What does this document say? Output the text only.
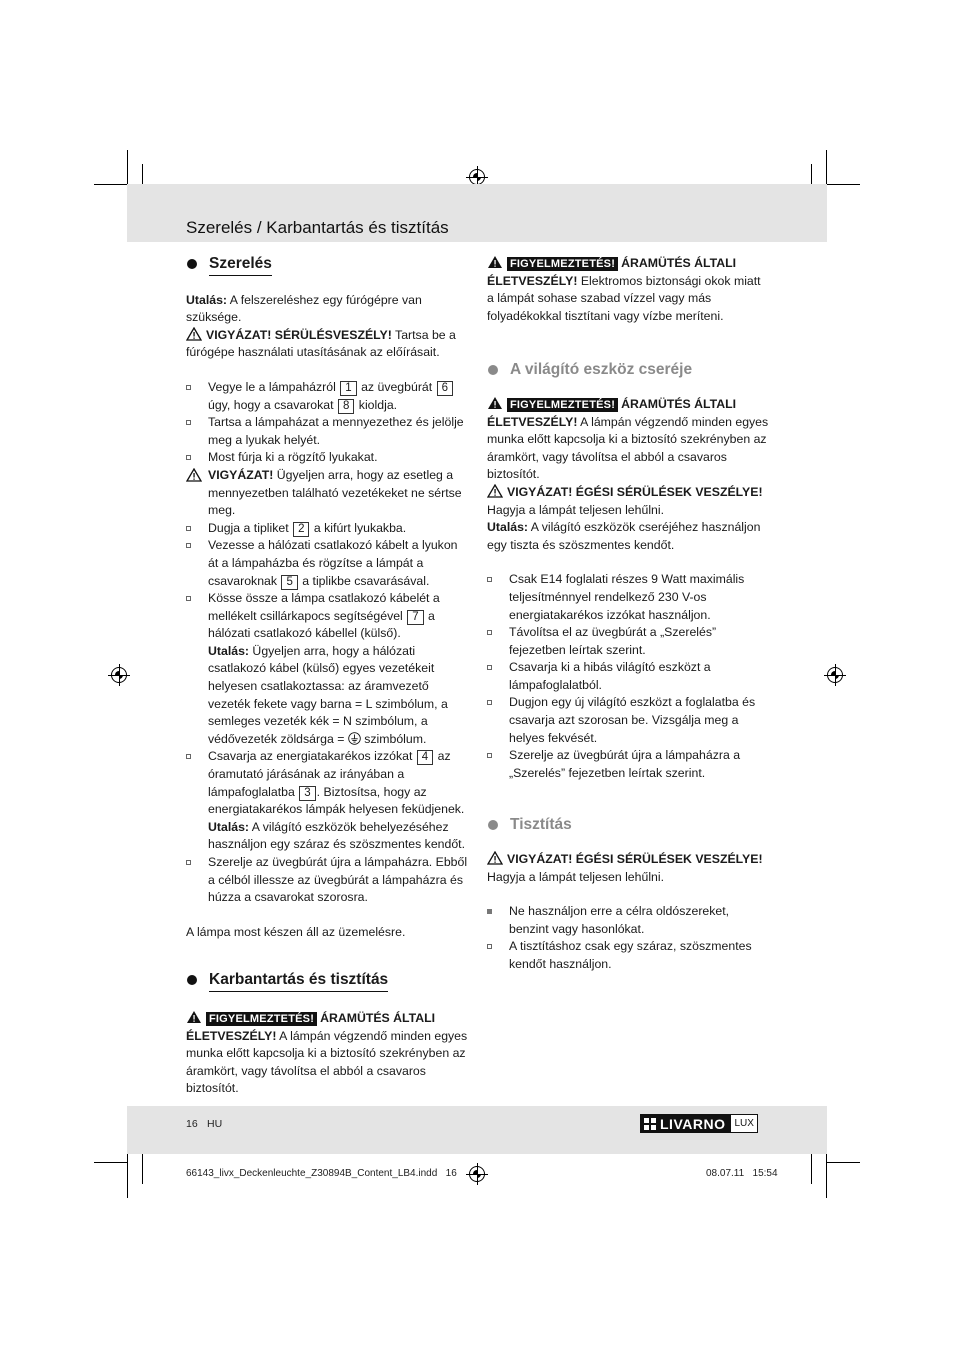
Szerelés / Karbantartás és tisztítás
Szerelés

Utalás: A felszereléshez egy fúrógépre van szüksége.

VIGYÁZAT! SÉRÜLÉSVESZÉLY! Tartsa be a fúrógépe használati utasításának az előírásait.

Vegye le a lámpaházról 1 az üvegbúrát 6 úgy, hogy a csavarokat 8 kioldja.
Tartsa a lámpaházat a mennyezethez és jelölje meg a lyukak helyét.
Most fúrja ki a rögzítő lyukakat.
VIGYÁZAT! Ügyeljen arra, hogy az esetleg a mennyezetben található vezetékeket ne sértse meg.
Dugja a tipliket 2 a kifúrt lyukakba.
Vezesse a hálózati csatlakozó kábelt a lyukon át a lámpaházba és rögzítse a lámpát a csavaroknak 5 a tiplikbe csavarásával.
Kösse össze a lámpa csatlakozó kábelét a mellékelt csillárkapocs segítségével 7 a hálózati csatlakozó kábellel (külső).
Utalás: Ügyeljen arra, hogy a hálózati csatlakozó kábel (külső) egyes vezetékeit helyesen csatlakoztassa: az áramvezető vezeték fekete vagy barna = L szimbólum, a semleges vezeték kék = N szimbólum, a védővezeték zöldsárga =  szimbólum.
Csavarja az energiatakarékos izzókat 4 az óramutató járásának az irányában a lámpafoglalatba 3 . Biztosítsa, hogy az energiatakarékos lámpák helyesen feküdjenek.
Utalás: A világító eszközök behelyezéséhez használjon egy száraz és szöszmentes kendőt.
Szerelje az üvegbúrát újra a lámpaházra. Ebből a célból illessze az üvegbúrát a lámpaházra és húzza a csavarokat szorosra.

A lámpa most készen áll az üzemelésre.

Karbantartás és tisztítás

FIGYELMEZTETÉS! ÁRAMÜTÉS ÁLTALI ÉLETVESZÉLY! A lámpán végzendő minden egyes munka előtt kapcsolja ki a biztosító szekrényben az áramkört, vagy távolítsa el abból a csavaros biztosítót.

FIGYELMEZTETÉS! ÁRAMÜTÉS ÁLTALI ÉLETVESZÉLY! Elektromos biztonsági okok miatt a lámpát sohase szabad vízzel vagy más folyadékokkal tisztítani vagy vízbe meríteni.

A világító eszköz cseréje

FIGYELMEZTETÉS! ÁRAMÜTÉS ÁLTALI ÉLETVESZÉLY! A lámpán végzendő minden egyes munka előtt kapcsolja ki a biztosító szekrényben az áramkört, vagy távolítsa el abból a csavaros biztosítót.

VIGYÁZAT! ÉGÉSI SÉRÜLÉSEK VESZÉLYE!

Hagyja a lámpát teljesen lehűlni.

Utalás: A világító eszközök cseréjéhez használjon egy tiszta és szöszmentes kendőt.

Csak E14 foglalati részes 9 Watt maximális teljesítménnyel rendelkező 230 V-os energiatakarékos izzókat használjon.
Távolítsa el az üvegbúrát a „Szerelés” fejezetben leírtak szerint.
Csavarja ki a hibás világító eszközt a lámpafoglalatból.
Dugjon egy új világító eszközt a foglalatba és csavarja azt szorosan be. Vizsgálja meg a helyes fekvését.
Szerelje az üvegbúrát újra a lámpaházra a „Szerelés” fejezetben leírtak szerint.
Tisztítás

VIGYÁZAT! ÉGÉSI SÉRÜLÉSEK VESZÉLYE!

Hagyja a lámpát teljesen lehűlni.

Ne használjon erre a célra oldószereket, benzint vagy hasonlókat.
A tisztításhoz csak egy száraz, szöszmentes kendőt használjon.
16 HU	LIVARNO LUX
66143_livx_Deckenleuchte_Z30894B_Content_LB4.indd   16	08.07.11   15:54
